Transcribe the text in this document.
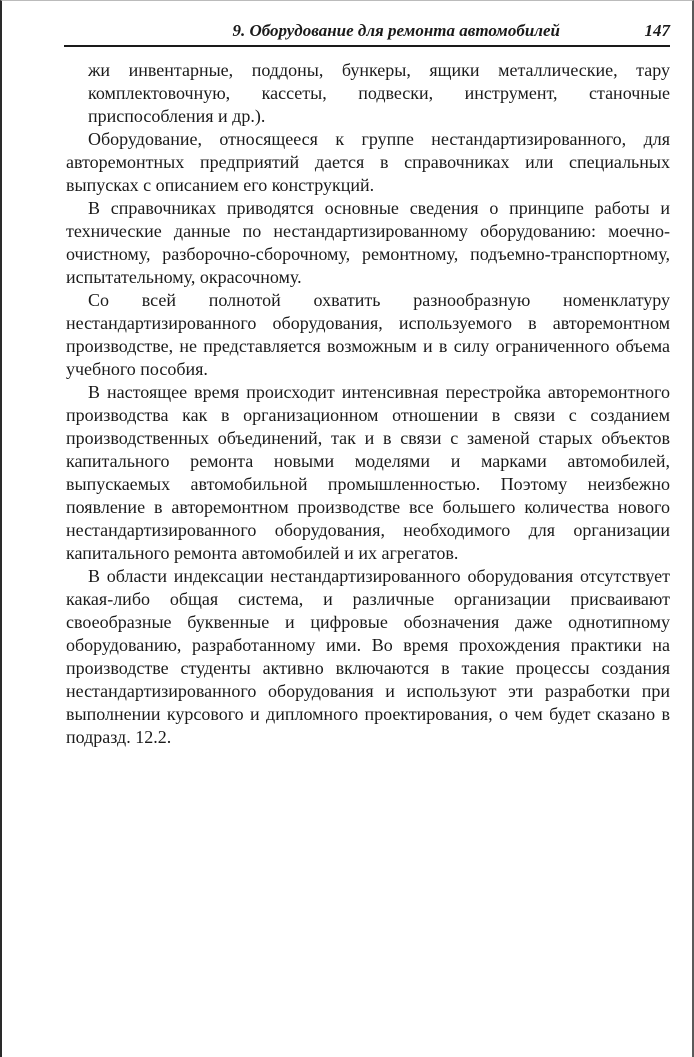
9. Оборудование для ремонта автомобилей	147

жи инвентарные, поддоны, бункеры, ящики металлические, тару комплектовочную, кассеты, подвески, инструмент, станочные приспособления и др.).

Оборудование, относящееся к группе нестандартизированного, для авторемонтных предприятий дается в справочниках или специальных выпусках с описанием его конструкций.

В справочниках приводятся основные сведения о принципе работы и технические данные по нестандартизированному оборудованию: моечно-очистному, разборочно-сборочному, ремонтному, подъемно-транспортному, испытательному, окрасочному.

Со всей полнотой охватить разнообразную номенклатуру нестандартизированного оборудования, используемого в авторемонтном производстве, не представляется возможным и в силу ограниченного объема учебного пособия.

В настоящее время происходит интенсивная перестройка авторемонтного производства как в организационном отношении в связи с созданием производственных объединений, так и в связи с заменой старых объектов капитального ремонта новыми моделями и марками автомобилей, выпускаемых автомобильной промышленностью. Поэтому неизбежно появление в авторемонтном производстве все большего количества нового нестандартизированного оборудования, необходимого для организации капитального ремонта автомобилей и их агрегатов.

В области индексации нестандартизированного оборудования отсутствует какая-либо общая система, и различные организации присваивают своеобразные буквенные и цифровые обозначения даже однотипному оборудованию, разработанному ими. Во время прохождения практики на производстве студенты активно включаются в такие процессы создания нестандартизированного оборудования и используют эти разработки при выполнении курсового и дипломного проектирования, о чем будет сказано в подразд. 12.2.
